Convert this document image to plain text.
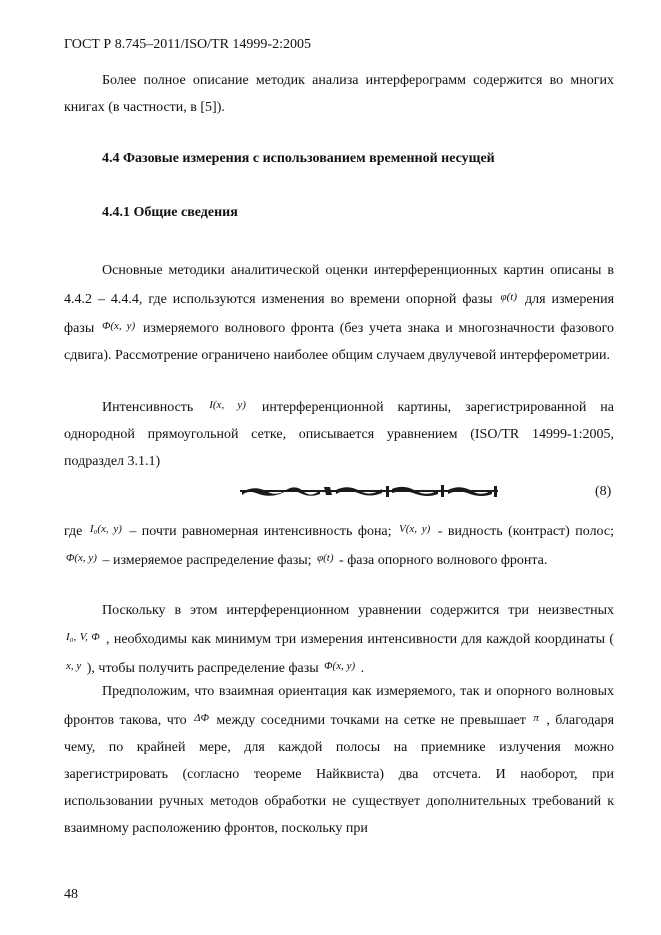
ГОСТ Р 8.745–2011/ISO/TR 14999-2:2005
Более полное описание методик анализа интерферограмм содержится во многих книгах (в частности, в [5]).
4.4 Фазовые измерения с использованием временной несущей
4.4.1 Общие сведения
Основные методики аналитической оценки интерференционных картин описаны в 4.4.2 – 4.4.4, где используются изменения во времени опорной фазы $^{\varphi(t)}$ для измерения фазы $^{\Phi(x, y)}$ измеряемого волнового фронта (без учета знака и многозначности фазового сдвига). Рассмотрение ограничено наиболее общим случаем двулучевой интерферометрии.
Интенсивность $^{I(x, y)}$ интерференционной картины, зарегистрированной на однородной прямоугольной сетке, описывается уравнением (ISO/TR 14999-1:2005, подраздел 3.1.1)
(8)
где $^{I_0(x, y)}$ – почти равномерная интенсивность фона; $^{V(x, y)}$ - видность (контраст) полос; $^{\Phi(x, y)}$ – измеряемое распределение фазы; $^{\varphi(t)}$ - фаза опорного волнового фронта.
Поскольку в этом интерференционном уравнении содержится три неизвестных $^{I_0, V, \Phi}$ , необходимы как минимум три измерения интенсивности для каждой координаты ( $^{x, y}$ ), чтобы получить распределение фазы $^{\Phi(x, y)}$ .
Предположим, что взаимная ориентация как измеряемого, так и опорного волновых фронтов такова, что $^{\Delta\Phi}$ между соседними точками на сетке не превышает $^\pi$ , благодаря чему, по крайней мере, для каждой полосы на приемнике излучения можно зарегистрировать (согласно теореме Найквиста) два отсчета. И наоборот, при использовании ручных методов обработки не существует дополнительных требований к взаимному расположению фронтов, поскольку при
48
